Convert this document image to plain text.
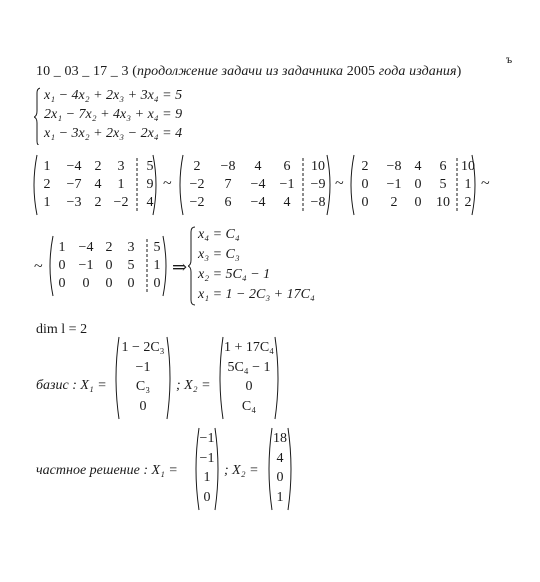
ъ
10 _ 03 _ 17 _ 3 (продолжение задачи из задачника 2005 года издания)
x₁ − 4x₂ + 2x₃ + 3x₄ = 5
2x₁ − 7x₂ + 4x₃ + x₄ = 9
x₁ − 3x₂ + 2x₃ − 2x₄ = 4
1	−4 2	3	5
2	−7 4	1	9
1	−3 2 −2	4
~
2	−8	4	6	10
−2	7	−4	−1	−9
−2	6	−4	4	−8
~
2	−8 4	6	10
0	−1 0	5	1
0	2	0	10	2
~
~
1 −4 2	3	5
0 −1 0	5	1
0	0	0	0	0
⇒
x₄ = C₄
x₃ = C₃
x₂ = 5C₄ − 1
x₁ = 1 − 2C₃ + 17C₄
dim l = 2
базис : X₁ =
1 − 2C₃
−1
C₃
0
; X₂ =
1 + 17C₄
5C₄ − 1
0
C₄
частное решение : X₁ =
−1
−1
1
0
; X₂ =
18
4
0
1
